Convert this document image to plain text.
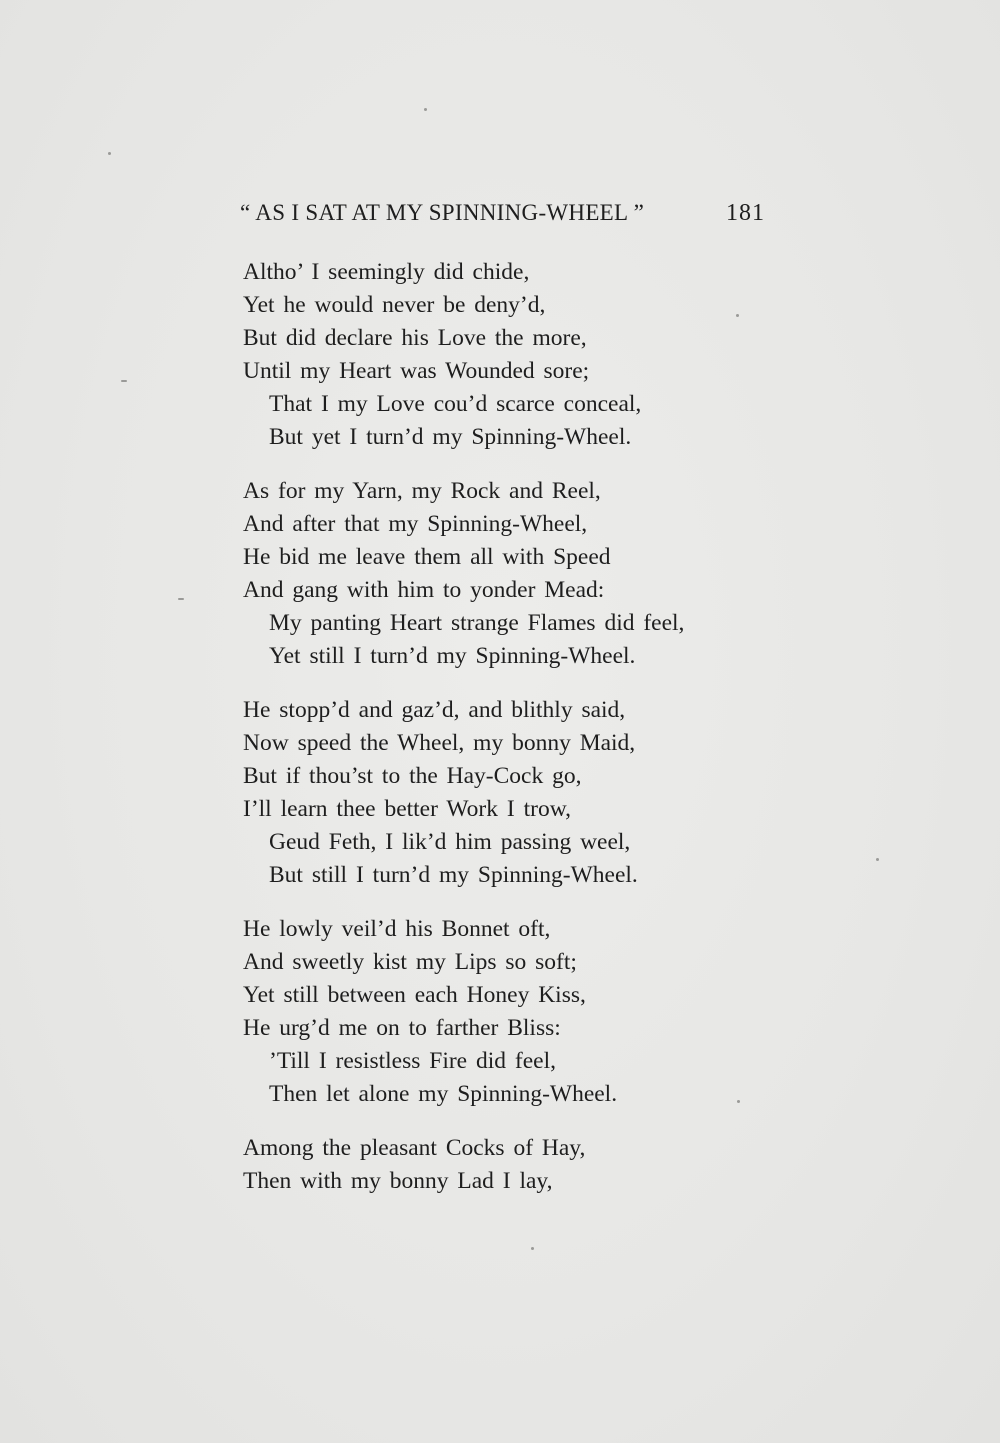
“ AS I SAT AT MY SPINNING-WHEEL ”	181
Altho’ I seemingly did chide,
Yet he would never be deny’d,
But did declare his Love the more,
Until my Heart was Wounded sore;
That I my Love cou’d scarce conceal,
But yet I turn’d my Spinning-Wheel.
As for my Yarn, my Rock and Reel,
And after that my Spinning-Wheel,
He bid me leave them all with Speed
And gang with him to yonder Mead:
My panting Heart strange Flames did feel,
Yet still I turn’d my Spinning-Wheel.
He stopp’d and gaz’d, and blithly said,
Now speed the Wheel, my bonny Maid,
But if thou’st to the Hay-Cock go,
I’ll learn thee better Work I trow,
Geud Feth, I lik’d him passing weel,
But still I turn’d my Spinning-Wheel.
He lowly veil’d his Bonnet oft,
And sweetly kist my Lips so soft;
Yet still between each Honey Kiss,
He urg’d me on to farther Bliss:
’Till I resistless Fire did feel,
Then let alone my Spinning-Wheel.
Among the pleasant Cocks of Hay,
Then with my bonny Lad I lay,
